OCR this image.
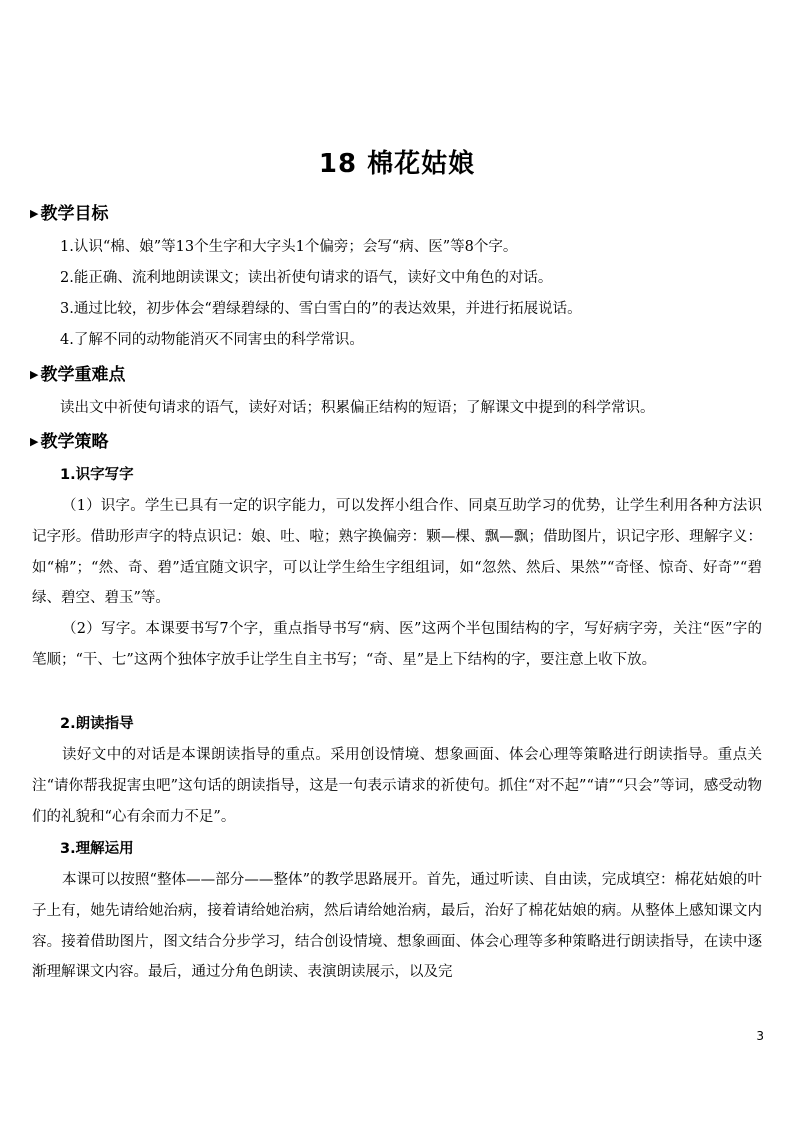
18 棉花姑娘
▶ 教学目标
1.认识“棉、娘”等13个生字和大字头1个偏旁；会写“病、医”等8个字。
2.能正确、流利地朗读课文；读出祈使句请求的语气，读好文中角色的对话。
3.通过比较，初步体会“碧绿碧绿的、雪白雪白的”的表达效果，并进行拓展说话。
4.了解不同的动物能消灭不同害虫的科学常识。
▶ 教学重难点
读出文中祈使句请求的语气，读好对话；积累偏正结构的短语；了解课文中提到的科学常识。
▶ 教学策略
1.识字写字
（1）识字。学生已具有一定的识字能力，可以发挥小组合作、同桌互助学习的优势，让学生利用各种方法识记字形。借助形声字的特点识记：娘、吐、啦；熟字换偏旁：颗—棵、飘—飘；借助图片，识记字形、理解字义：如“棉”；“然、奇、碧”适宜随文识字，可以让学生给生字组组词，如“忽然、然后、果然”“奇怪、惊奇、好奇”“碧绿、碧空、碧玉”等。
（2）写字。本课要书写7个字，重点指导书写“病、医”这两个半包围结构的字，写好病字旁，关注“医”字的笔顺；“干、七”这两个独体字放手让学生自主书写；“奇、星”是上下结构的字，要注意上收下放。
2.朗读指导
读好文中的对话是本课朗读指导的重点。采用创设情境、想象画面、体会心理等策略进行朗读指导。重点关注“请你帮我捉害虫吧”这句话的朗读指导，这是一句表示请求的祈使句。抓住“对不起”“请”“只会”等词，感受动物们的礼貌和“心有余而力不足”。
3.理解运用
本课可以按照“整体——部分——整体”的教学思路展开。首先，通过听读、自由读，完成填空：棉花姑娘的叶子上有，她先请给她治病，接着请给她治病，然后请给她治病，最后，治好了棉花姑娘的病。从整体上感知课文内容。接着借助图片，图文结合分步学习，结合创设情境、想象画面、体会心理等多种策略进行朗读指导，在读中逐渐理解课文内容。最后，通过分角色朗读、表演朗读展示，以及完
3
